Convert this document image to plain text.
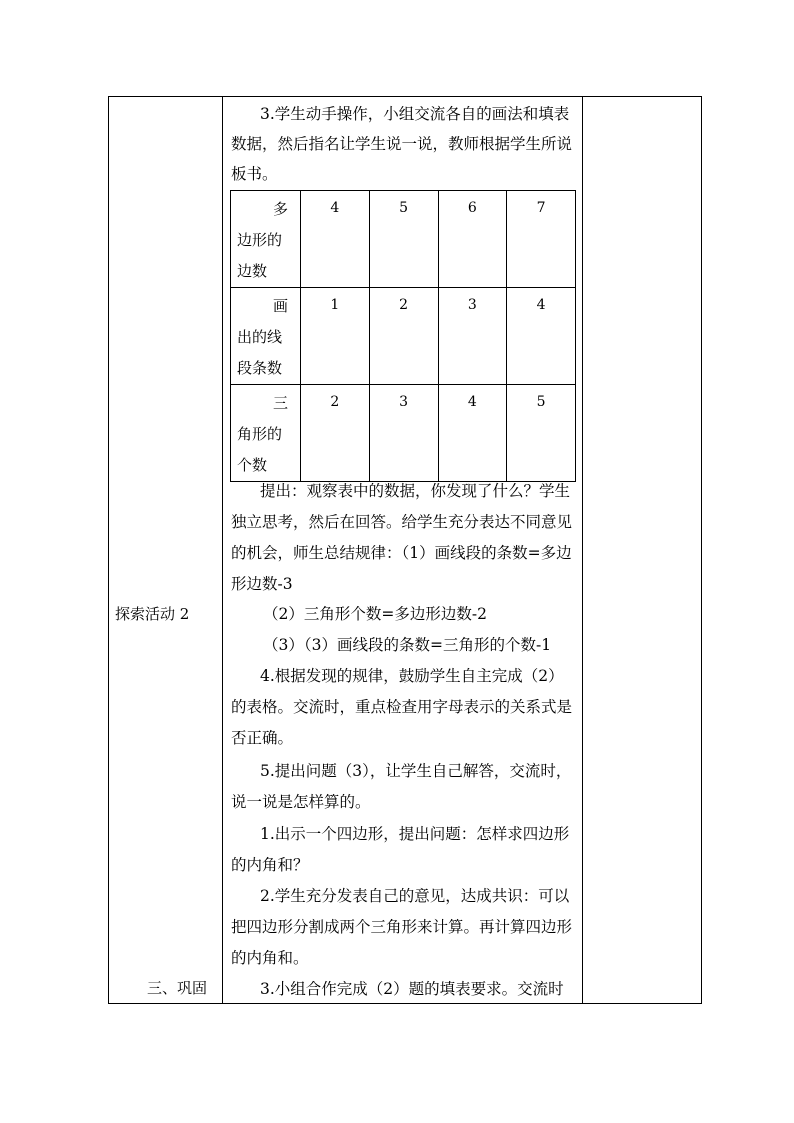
探索活动 2
三、巩固
3.学生动手操作，小组交流各自的画法和填表
数据，然后指名让学生说一说，教师根据学生所说
板书。
多
边形的
边数	4	5	6	7

画
出的线
段条数	1	2	3	4

三
角形的
个数	2	3	4	5
提出：观察表中的数据，你发现了什么？学生
独立思考，然后在回答。给学生充分表达不同意见
的机会，师生总结规律：（1）画线段的条数=多边
形边数-3
（2）三角形个数=多边形边数-2
（3）（3）画线段的条数=三角形的个数-1
4.根据发现的规律，鼓励学生自主完成（2）
的表格。交流时，重点检查用字母表示的关系式是
否正确。
5.提出问题（3），让学生自己解答，交流时，
说一说是怎样算的。
1.出示一个四边形，提出问题：怎样求四边形
的内角和？
2.学生充分发表自己的意见，达成共识：可以
把四边形分割成两个三角形来计算。再计算四边形
的内角和。
3.小组合作完成（2）题的填表要求。交流时
